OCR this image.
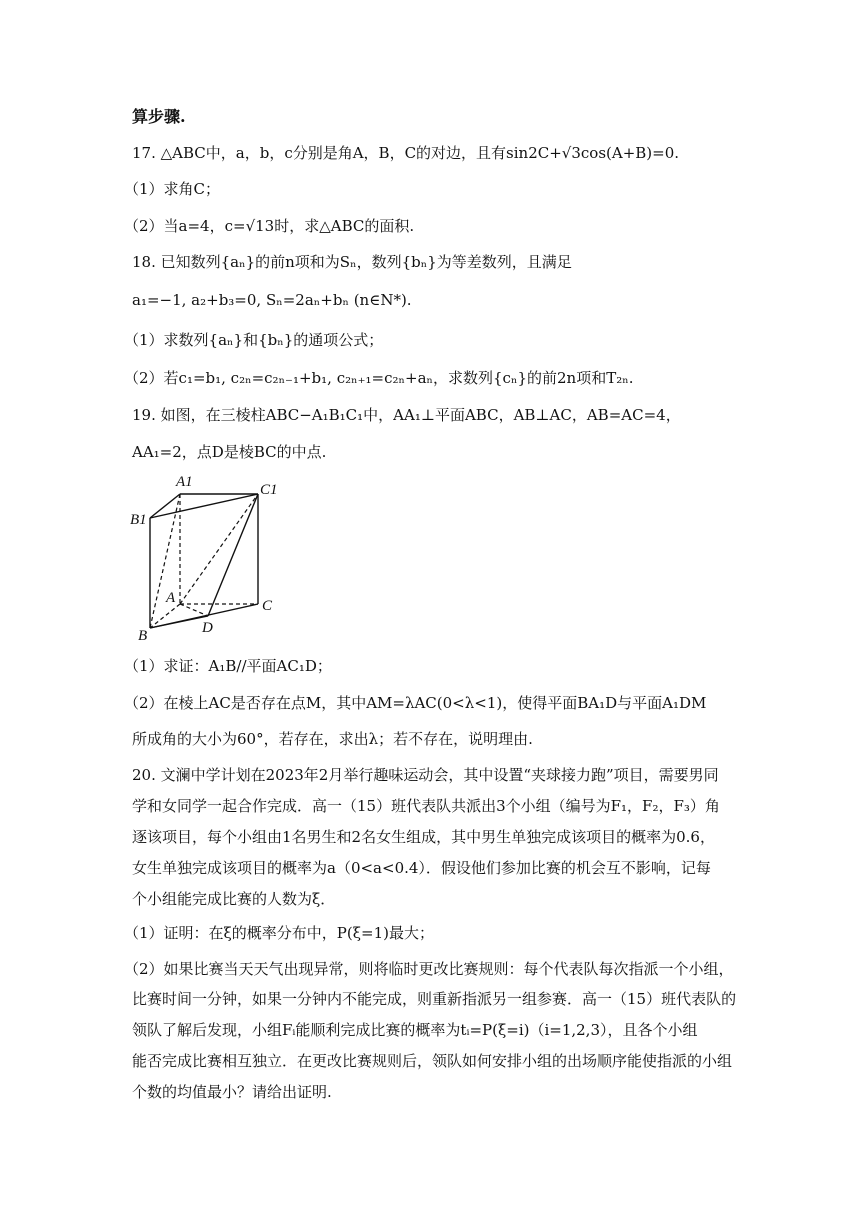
算步骤.
17. △ABC中，a，b，c分别是角A，B，C的对边，且有sin2C+√3cos(A+B)=0.
（1）求角C；
（2）当a=4，c=√13时，求△ABC的面积.
18. 已知数列{aₙ}的前n项和为Sₙ，数列{bₙ}为等差数列，且满足
a₁=−1, a₂+b₃=0, Sₙ=2aₙ+bₙ (n∈N*).
（1）求数列{aₙ}和{bₙ}的通项公式；
（2）若c₁=b₁, c₂ₙ=c₂ₙ₋₁+b₁, c₂ₙ₊₁=c₂ₙ+aₙ，求数列{cₙ}的前2n项和T₂ₙ.
19. 如图，在三棱柱ABC−A₁B₁C₁中，AA₁⊥平面ABC，AB⊥AC，AB=AC=4，
AA₁=2，点D是棱BC的中点.
A1	C1
B1
A	C
B	D
（1）求证：A₁B//平面AC₁D；
（2）在棱上AC是否存在点M，其中AM=λAC(0<λ<1)，使得平面BA₁D与平面A₁DM
所成角的大小为60°，若存在，求出λ；若不存在，说明理由.
20. 文澜中学计划在2023年2月举行趣味运动会，其中设置“夹球接力跑”项目，需要男同
学和女同学一起合作完成．高一（15）班代表队共派出3个小组（编号为F₁，F₂，F₃）角
逐该项目，每个小组由1名男生和2名女生组成，其中男生单独完成该项目的概率为0.6，
女生单独完成该项目的概率为a（0<a<0.4）．假设他们参加比赛的机会互不影响，记每
个小组能完成比赛的人数为ξ．
（1）证明：在ξ的概率分布中，P(ξ=1)最大；
（2）如果比赛当天天气出现异常，则将临时更改比赛规则：每个代表队每次指派一个小组，
比赛时间一分钟，如果一分钟内不能完成，则重新指派另一组参赛．高一（15）班代表队的
领队了解后发现，小组Fᵢ能顺利完成比赛的概率为tᵢ=P(ξ=i)（i=1,2,3），且各个小组
能否完成比赛相互独立．在更改比赛规则后，领队如何安排小组的出场顺序能使指派的小组
个数的均值最小？请给出证明.
